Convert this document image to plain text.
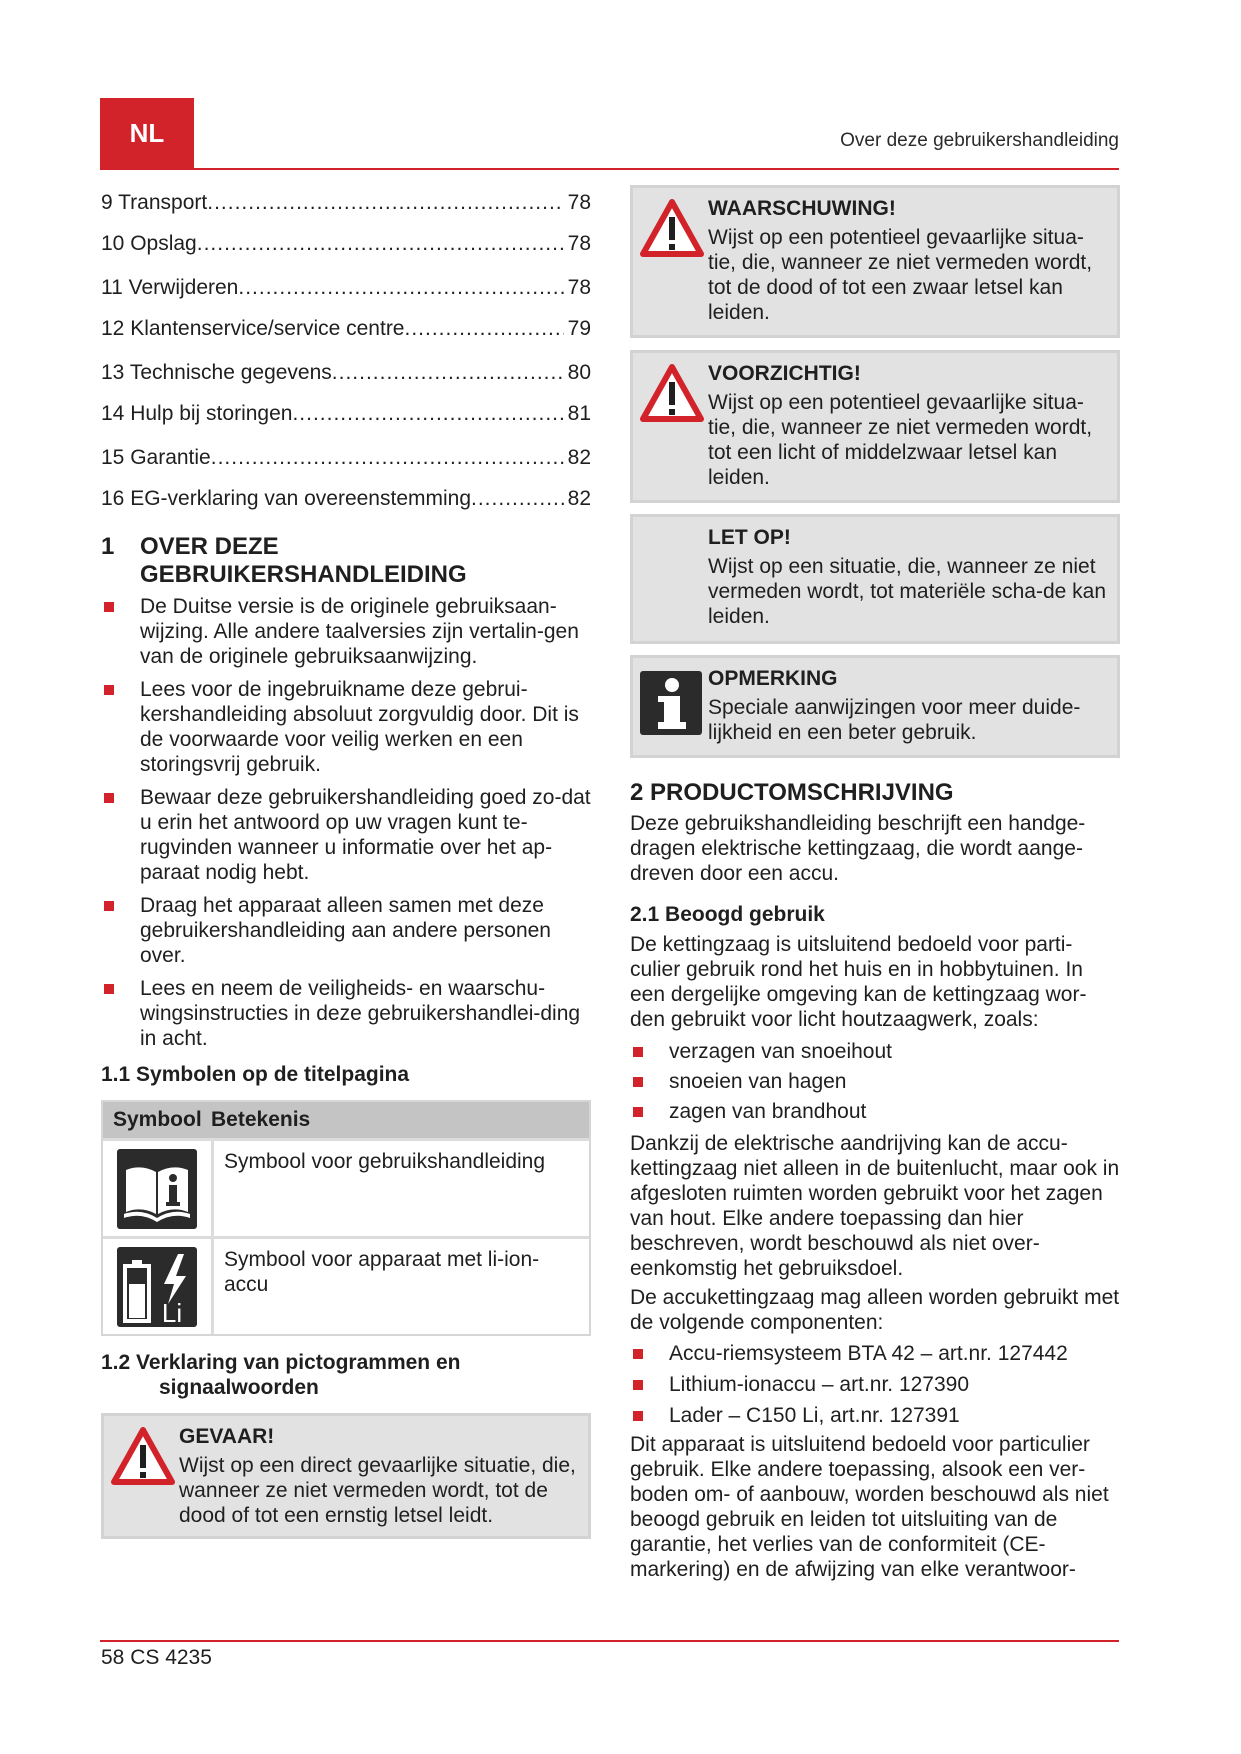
NL	Over deze gebruikershandleiding
9 Transport .....	78
10 Opslag .....	78
11 Verwijderen .....	78
12 Klantenservice/service centre .....	79
13 Technische gegevens .....	80
14 Hulp bij storingen .....	81
15 Garantie .....	82
16 EG-verklaring van overeenstemming .....	82
1	OVER DEZE
GEBRUIKERSHANDLEIDING
De Duitse versie is de originele gebruiksaan-wijzing. Alle andere taalversies zijn vertalin-gen van de originele gebruiksaanwijzing.
Lees voor de ingebruikname deze gebrui-kershandleiding absoluut zorgvuldig door. Dit is de voorwaarde voor veilig werken en een storingsvrij gebruik.
Bewaar deze gebruikershandleiding goed zo-dat u erin het antwoord op uw vragen kunt te-rugvinden wanneer u informatie over het ap-paraat nodig hebt.
Draag het apparaat alleen samen met deze gebruikershandleiding aan andere personen over.
Lees en neem de veiligheids- en waarschu-wingsinstructies in deze gebruikershandlei-ding in acht.
1.1 Symbolen op de titelpagina
Symbool Betekenis
Symbool voor gebruikshandleiding
Li
Symbool voor apparaat met li-ion-accu
1.2 Verklaring van pictogrammen en
signaalwoorden
GEVAAR!
Wijst op een direct gevaarlijke situatie, die, wanneer ze niet vermeden wordt, tot de dood of tot een ernstig letsel leidt.
WAARSCHUWING!
Wijst op een potentieel gevaarlijke situa-tie, die, wanneer ze niet vermeden wordt, tot de dood of tot een zwaar letsel kan leiden.
VOORZICHTIG!
Wijst op een potentieel gevaarlijke situa-tie, die, wanneer ze niet vermeden wordt, tot een licht of middelzwaar letsel kan leiden.
LET OP!
Wijst op een situatie, die, wanneer ze niet vermeden wordt, tot materiële scha-de kan leiden.
OPMERKING
Speciale aanwijzingen voor meer duide-lijkheid en een beter gebruik.
2 PRODUCTOMSCHRIJVING

Deze gebruikshandleiding beschrijft een handge-dragen elektrische kettingzaag, die wordt aange-dreven door een accu.

2.1 Beoogd gebruik

De kettingzaag is uitsluitend bedoeld voor parti-culier gebruik rond het huis en in hobbytuinen. In een dergelijke omgeving kan de kettingzaag wor-den gebruikt voor licht houtzaagwerk, zoals:

verzagen van snoeihout
snoeien van hagen
zagen van brandhout

Dankzij de elektrische aandrijving kan de accu-kettingzaag niet alleen in de buitenlucht, maar ook in afgesloten ruimten worden gebruikt voor het zagen van hout. Elke andere toepassing dan hier beschreven, wordt beschouwd als niet over-eenkomstig het gebruiksdoel.

De accukettingzaag mag alleen worden gebruikt met de volgende componenten:

Accu-riemsysteem BTA 42 – art.nr. 127442
Lithium-ionaccu – art.nr. 127390
Lader – C150 Li, art.nr. 127391

Dit apparaat is uitsluitend bedoeld voor particulier gebruik. Elke andere toepassing, alsook een ver-boden om- of aanbouw, worden beschouwd als niet beoogd gebruik en leiden tot uitsluiting van de garantie, het verlies van de conformiteit (CE-markering) en de afwijzing van elke verantwoor-

58 CS 4235
